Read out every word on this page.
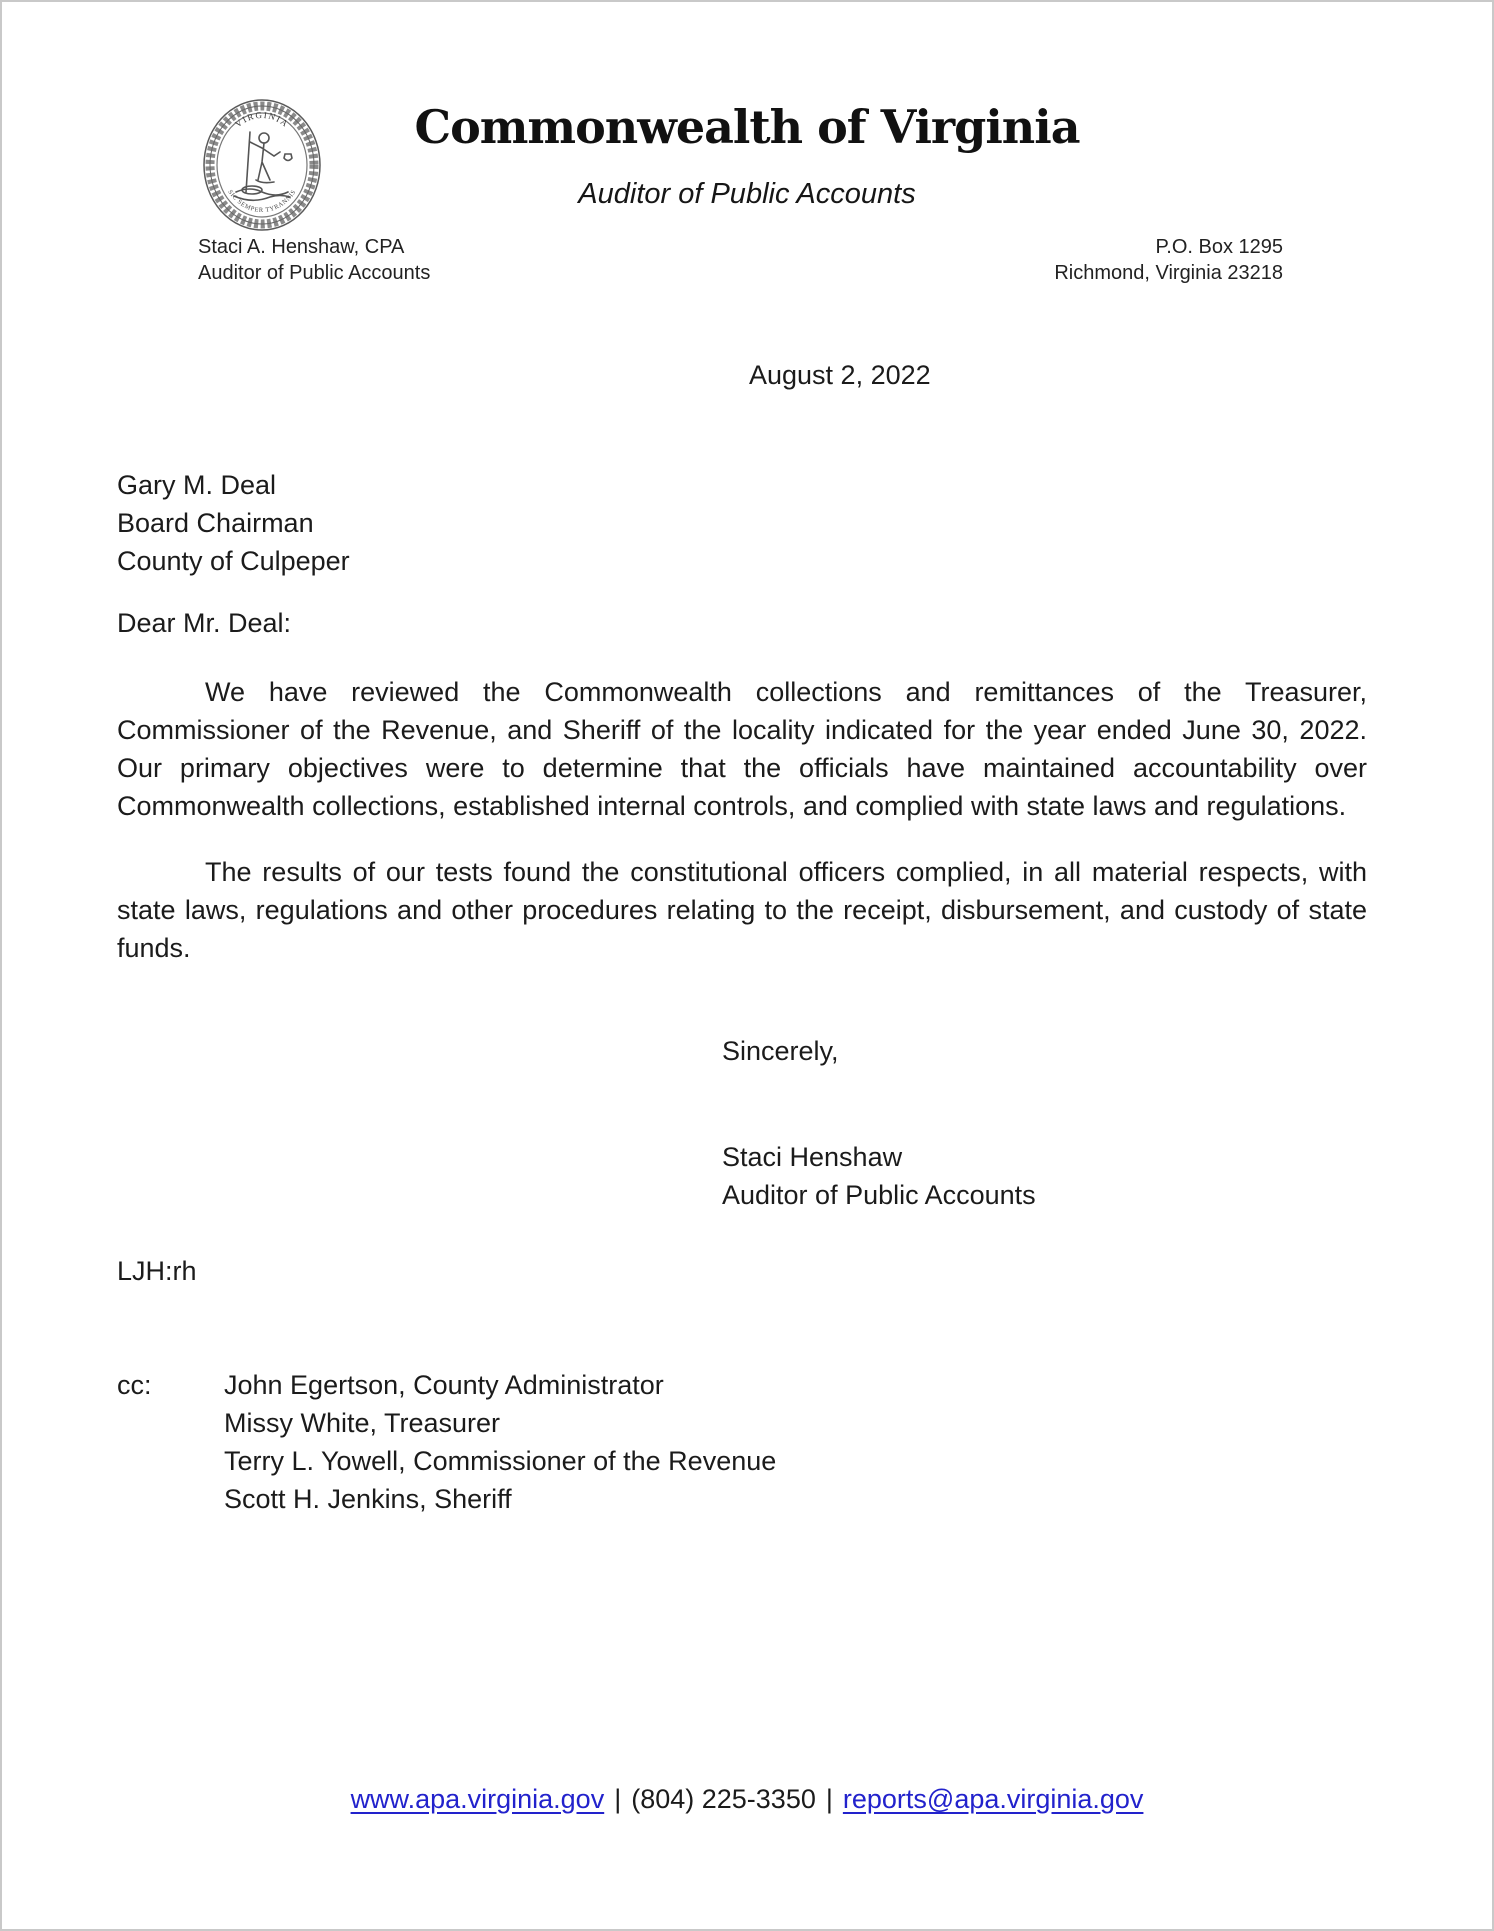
VIRGINIA
SIC SEMPER TYRANNIS
Commonwealth of Virginia
Auditor of Public Accounts
Staci A. Henshaw, CPA
Auditor of Public Accounts
P.O. Box 1295
Richmond, Virginia 23218
August 2, 2022
Gary M. Deal
Board Chairman
County of Culpeper
Dear Mr. Deal:
We have reviewed the Commonwealth collections and remittances of the Treasurer, Commissioner of the Revenue, and Sheriff of the locality indicated for the year ended June 30, 2022. Our primary objectives were to determine that the officials have maintained accountability over Commonwealth collections, established internal controls, and complied with state laws and regulations.
The results of our tests found the constitutional officers complied, in all material respects, with state laws, regulations and other procedures relating to the receipt, disbursement, and custody of state funds.
Sincerely,
Staci Henshaw
Auditor of Public Accounts
LJH:rh
cc:	John Egertson, County Administrator
Missy White, Treasurer
Terry L. Yowell, Commissioner of the Revenue
Scott H. Jenkins, Sheriff
www.apa.virginia.gov | (804) 225-3350 | reports@apa.virginia.gov
